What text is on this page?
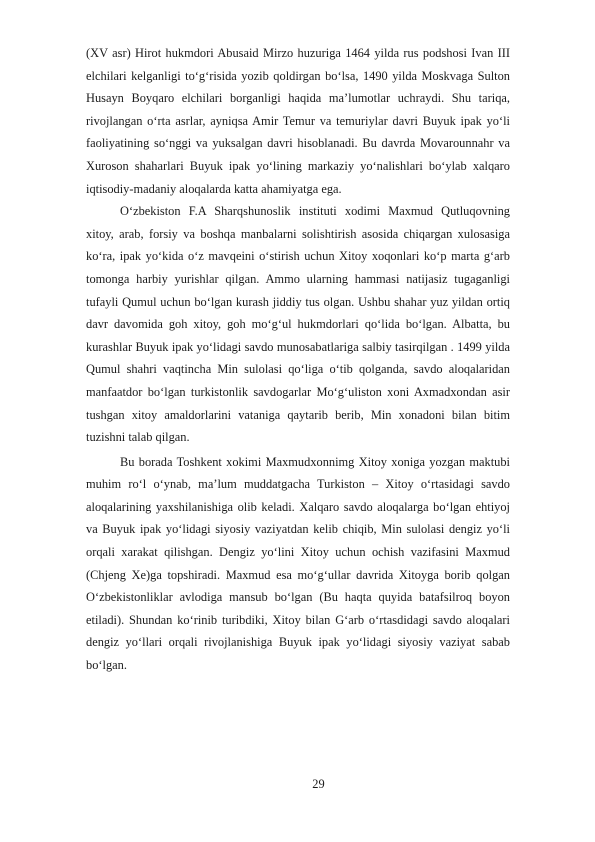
(XV asr) Hirot hukmdori Abusaid Mirzo huzuriga 1464 yilda rus podshosi Ivan III elchilari kelganligi to‘g‘risida yozib qoldirgan bo‘lsa, 1490 yilda Moskvaga Sulton Husayn Boyqaro elchilari borganligi haqida ma’lumotlar uchraydi. Shu tariqa, rivojlangan o‘rta asrlar, ayniqsa Amir Temur va temuriylar davri Buyuk ipak yo‘li faoliyatining so‘nggi va yuksalgan davri hisoblanadi. Bu davrda Movarounnahr va Xuroson shaharlari Buyuk ipak yo‘lining markaziy yo‘nalishlari bo‘ylab xalqaro iqtisodiy-madaniy aloqalarda katta ahamiyatga ega.

O‘zbekiston F.A Sharqshunoslik instituti xodimi Maxmud Qutluqovning xitoy, arab, forsiy va boshqa manbalarni solishtirish asosida chiqargan xulosasiga ko‘ra, ipak yo‘kida o‘z mavqeini o‘stirish uchun Xitoy xoqonlari ko‘p marta g‘arb tomonga harbiy yurishlar qilgan. Ammo ularning hammasi natijasiz tugaganligi tufayli Qumul uchun bo‘lgan kurash jiddiy tus olgan. Ushbu shahar yuz yildan ortiq davr davomida goh xitoy, goh mo‘g‘ul hukmdorlari qo‘lida bo‘lgan. Albatta, bu kurashlar Buyuk ipak yo‘lidagi savdo munosabatlariga salbiy tasirqilgan . 1499 yilda Qumul shahri vaqtincha Min sulolasi qo‘liga o‘tib qolganda, savdo aloqalaridan manfaatdor bo‘lgan turkistonlik savdogarlar Mo‘g‘uliston xoni Axmadxondan asir tushgan xitoy amaldorlarini vataniga qaytarib berib, Min xonadoni bilan bitim tuzishni talab qilgan.

Bu borada Toshkent xokimi Maxmudxonnimg Xitoy xoniga yozgan maktubi muhim ro‘l o‘ynab, ma’lum muddatgacha Turkiston – Xitoy o‘rtasidagi savdo aloqalarining yaxshilanishiga olib keladi. Xalqaro savdo aloqalarga bo‘lgan ehtiyoj va Buyuk ipak yo‘lidagi siyosiy vaziyatdan kelib chiqib, Min sulolasi dengiz yo‘li orqali xarakat qilishgan. Dengiz yo‘lini Xitoy uchun ochish vazifasini Maxmud (Chjeng Xe)ga topshiradi. Maxmud esa mo‘g‘ullar davrida Xitoyga borib qolgan O‘zbekistonliklar avlodiga mansub bo‘lgan (Bu haqta quyida batafsilroq boyon etiladi). Shundan ko‘rinib turibdiki, Xitoy bilan G‘arb o‘rtasdidagi savdo aloqalari dengiz yo‘llari orqali rivojlanishiga Buyuk ipak yo‘lidagi siyosiy vaziyat sabab bo‘lgan.

29
